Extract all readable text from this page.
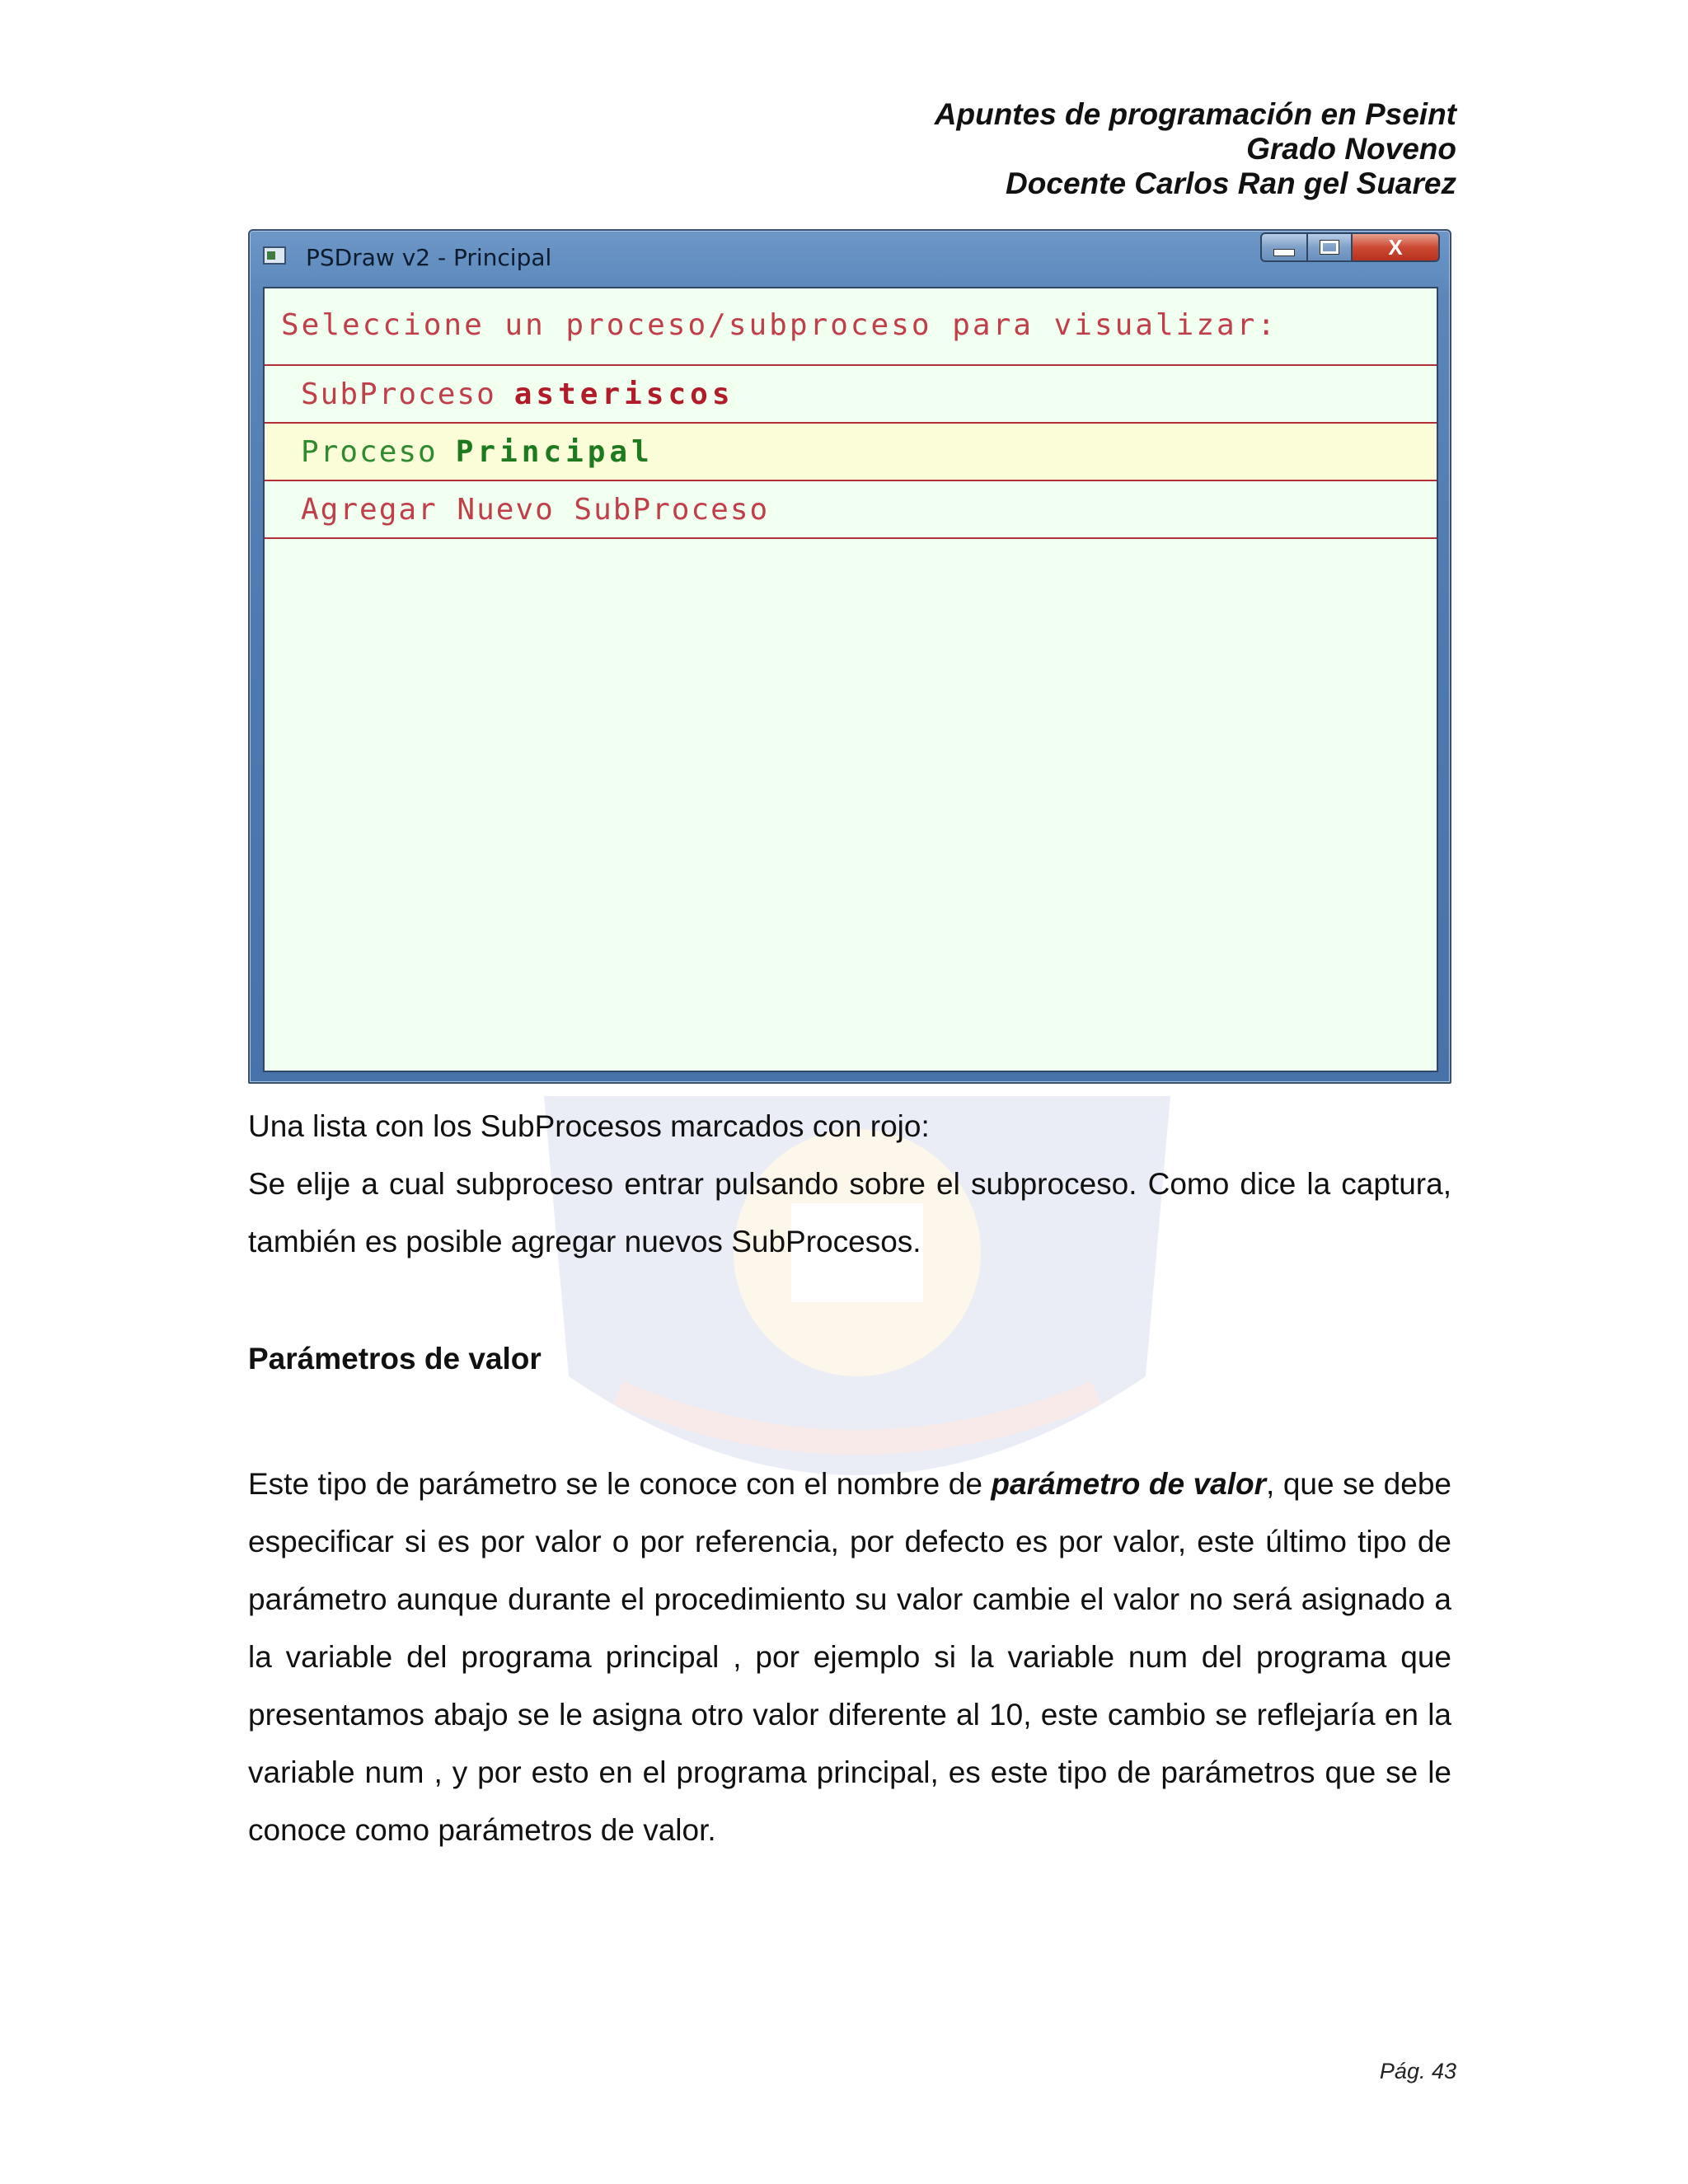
Apuntes de programación en Pseint
Grado Noveno
Docente Carlos Ran gel Suarez
PSDraw v2 - Principal	X
Seleccione un proceso/subproceso para visualizar:
SubProceso asteriscos
Proceso Principal
Agregar Nuevo SubProceso

Una lista con los SubProcesos marcados con rojo:

Se elije a cual subproceso entrar pulsando sobre el subproceso. Como dice la captura, también es posible agregar nuevos SubProcesos.

Parámetros de valor

Este tipo de parámetro se le conoce con el nombre de parámetro de valor, que se debe especificar si es por valor o por referencia, por defecto es por valor, este último tipo de parámetro aunque durante el procedimiento su valor cambie el valor no será asignado a la variable del programa principal , por ejemplo si la variable num del programa que presentamos abajo se le asigna otro valor diferente al 10, este cambio se reflejaría en la variable num , y por esto en el programa principal, es este tipo de parámetros que se le conoce como parámetros de valor.

Pág. 43
